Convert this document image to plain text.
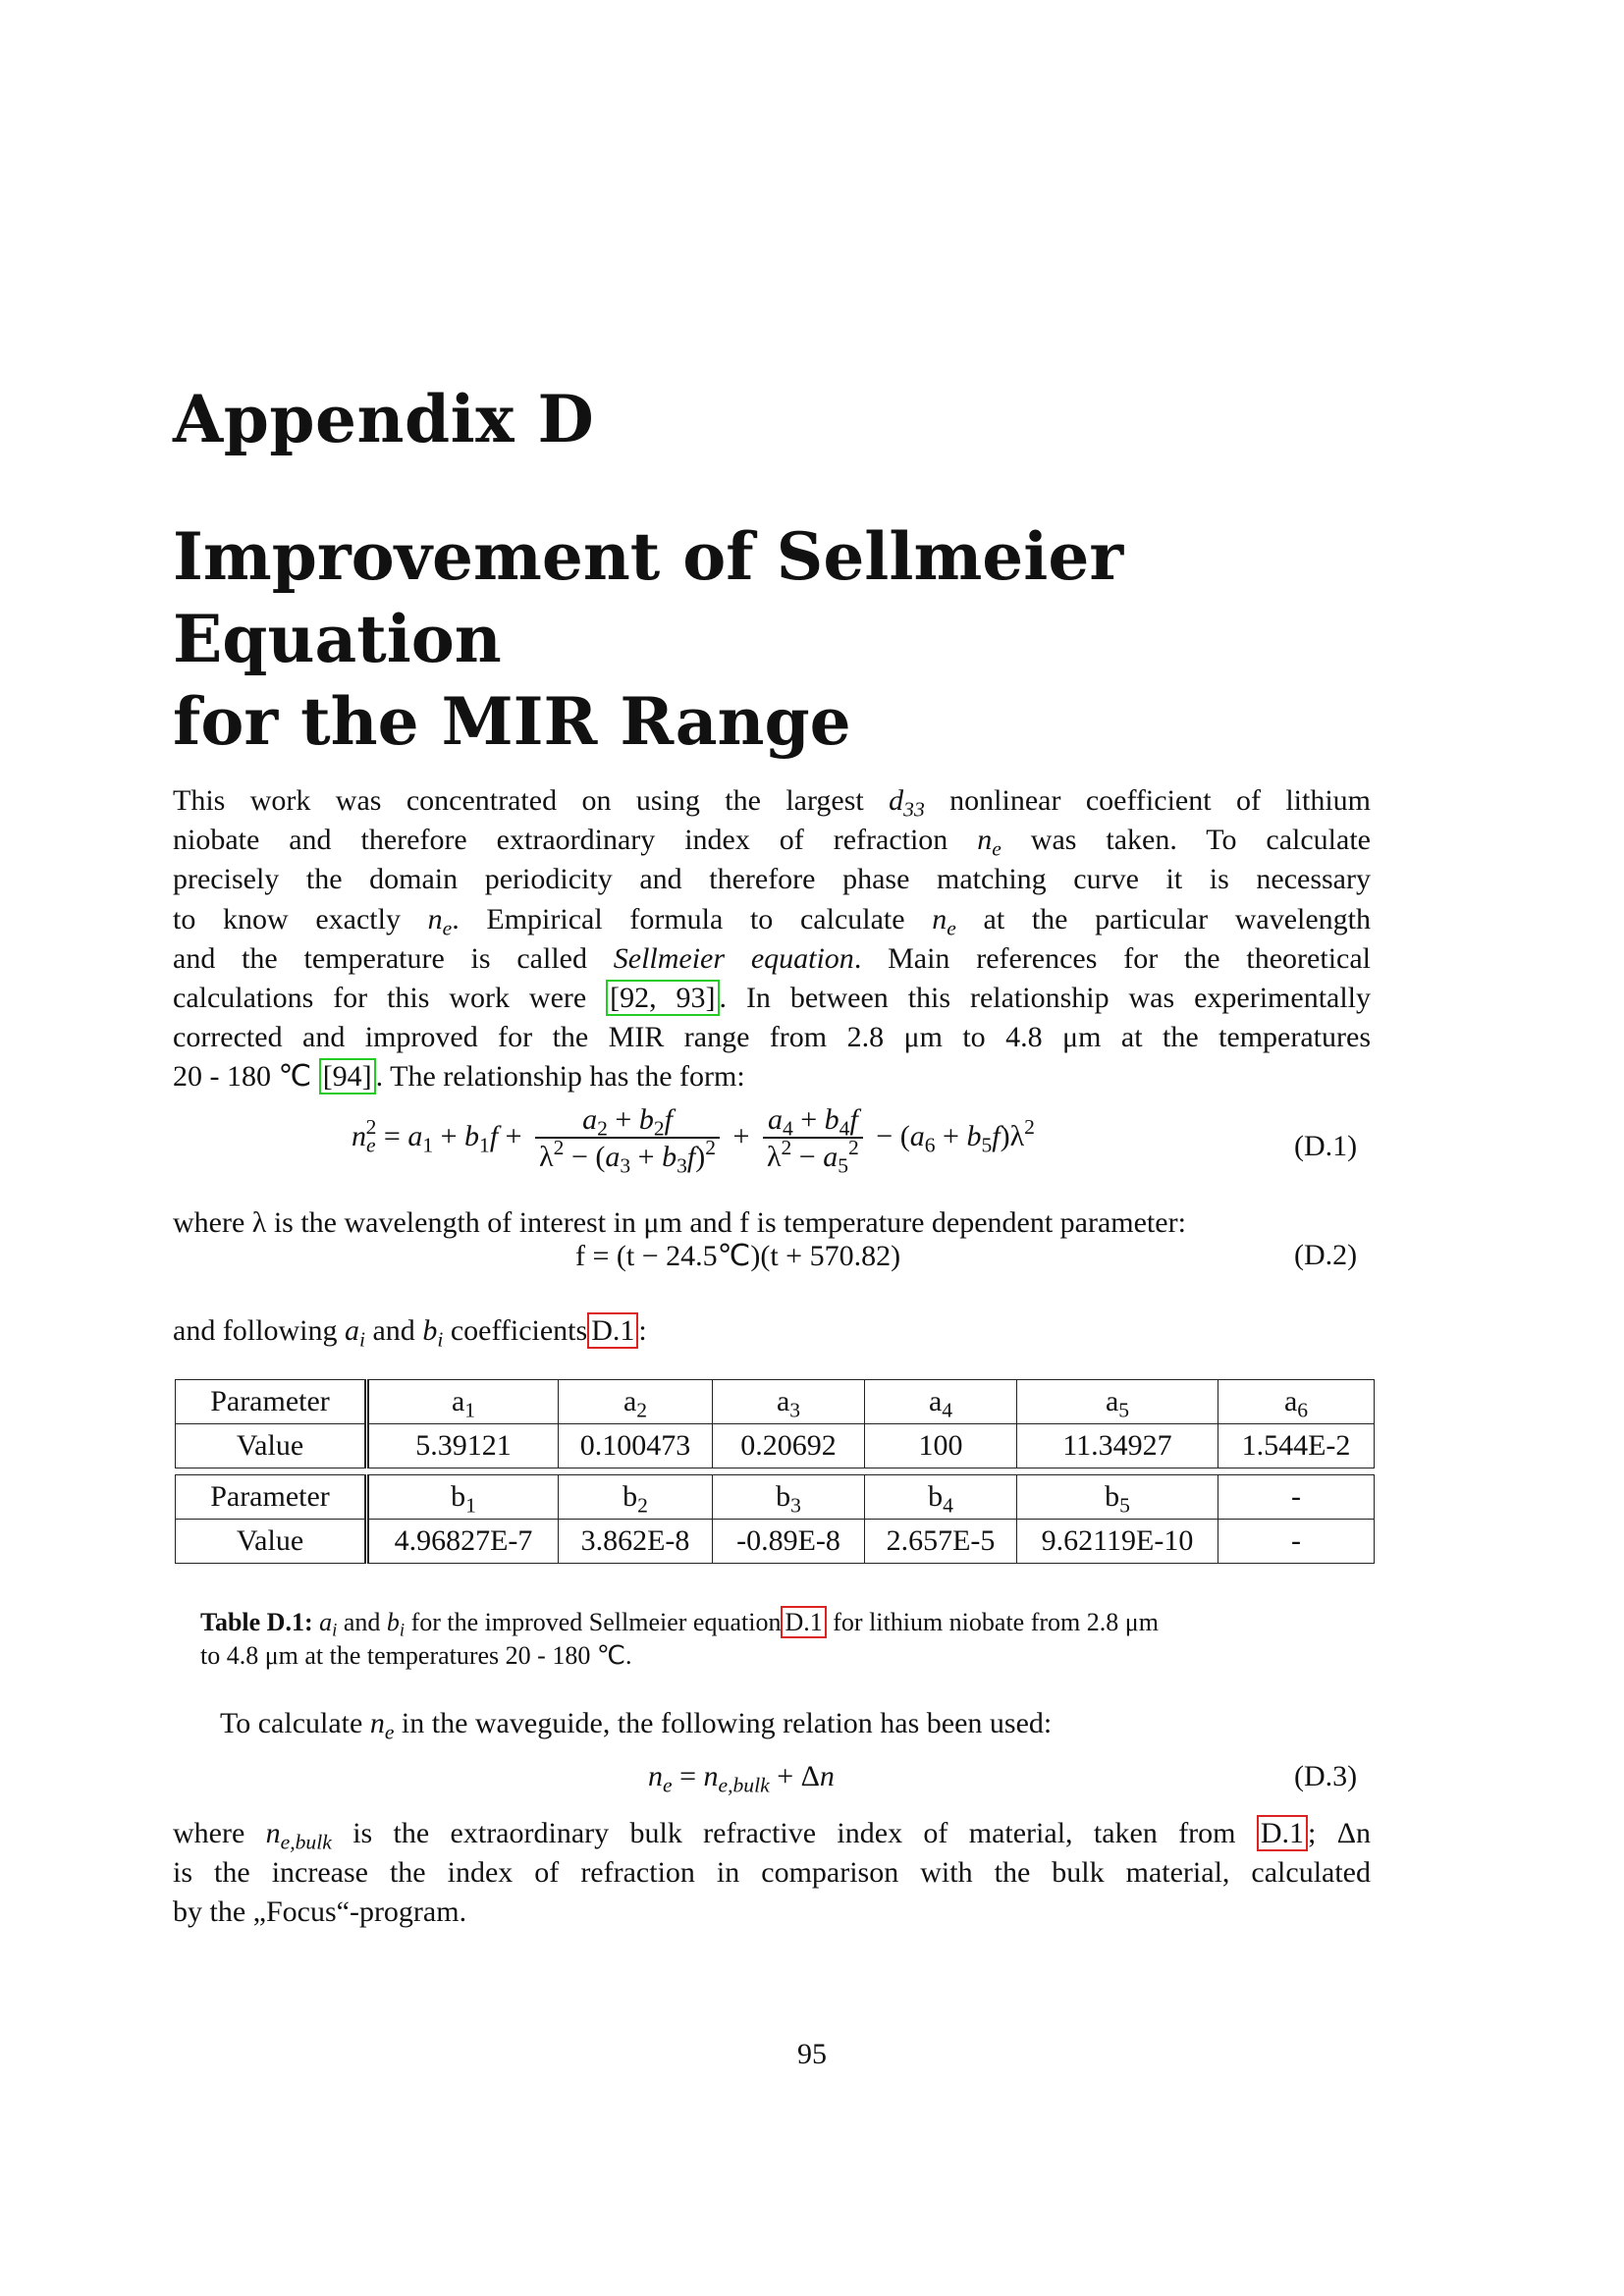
Appendix D
Improvement of Sellmeier Equation
for the MIR Range
This work was concentrated on using the largest $d_{33}$ nonlinear coefficient of lithium
niobate and therefore extraordinary index of refraction $n_e$ was taken. To calculate
precisely the domain periodicity and therefore phase matching curve it is necessary
to know exactly $n_e$. Empirical formula to calculate $n_e$ at the particular wavelength
and the temperature is called Sellmeier equation. Main references for the theoretical
calculations for this work were [92, 93] . In between this relationship was experimentally
corrected and improved for the MIR range from 2.8 μm to 4.8 μm at the temperatures
20 - 180 ℃ [94] . The relationship has the form:
$n_e^2 = a_1 + b_1f + \frac{a_2 + b_2f}{\lambda^2 - (a_3 + b_3f)^2} + \frac{a_4 + b_4f}{\lambda^2 - a_5^2} - (a_6 + b_5f)\lambda^2$
(D.1)
where λ is the wavelength of interest in μm and f is temperature dependent parameter:
f = (t − 24.5℃)(t + 570.82)	(D.2)
and following $a_i$ and $b_i$ coefficients D.1 :
Parameter	$a_1$	$a_2$	$a_3$	$a_4$	$a_5$	$a_6$
Value	5.39121	0.100473	0.20692	100	11.34927	1.544E-2

Parameter	$b_1$	$b_2$	$b_3$	$b_4$	$b_5$	-
Value	4.96827E-7	3.862E-8	-0.89E-8	2.657E-5	9.62119E-10	-
Table D.1: $a_i$ and $b_i$ for the improved Sellmeier equation D.1 for lithium niobate from 2.8 μm
to 4.8 μm at the temperatures 20 - 180 ℃.
To calculate $n_e$ in the waveguide, the following relation has been used:
$n_e = n_{e,bulk} + \Delta n$	(D.3)
where $n_{e,bulk}$ is the extraordinary bulk refractive index of material, taken from D.1 ; Δn
is the increase the index of refraction in comparison with the bulk material, calculated
by the „Focus“-program.
95
